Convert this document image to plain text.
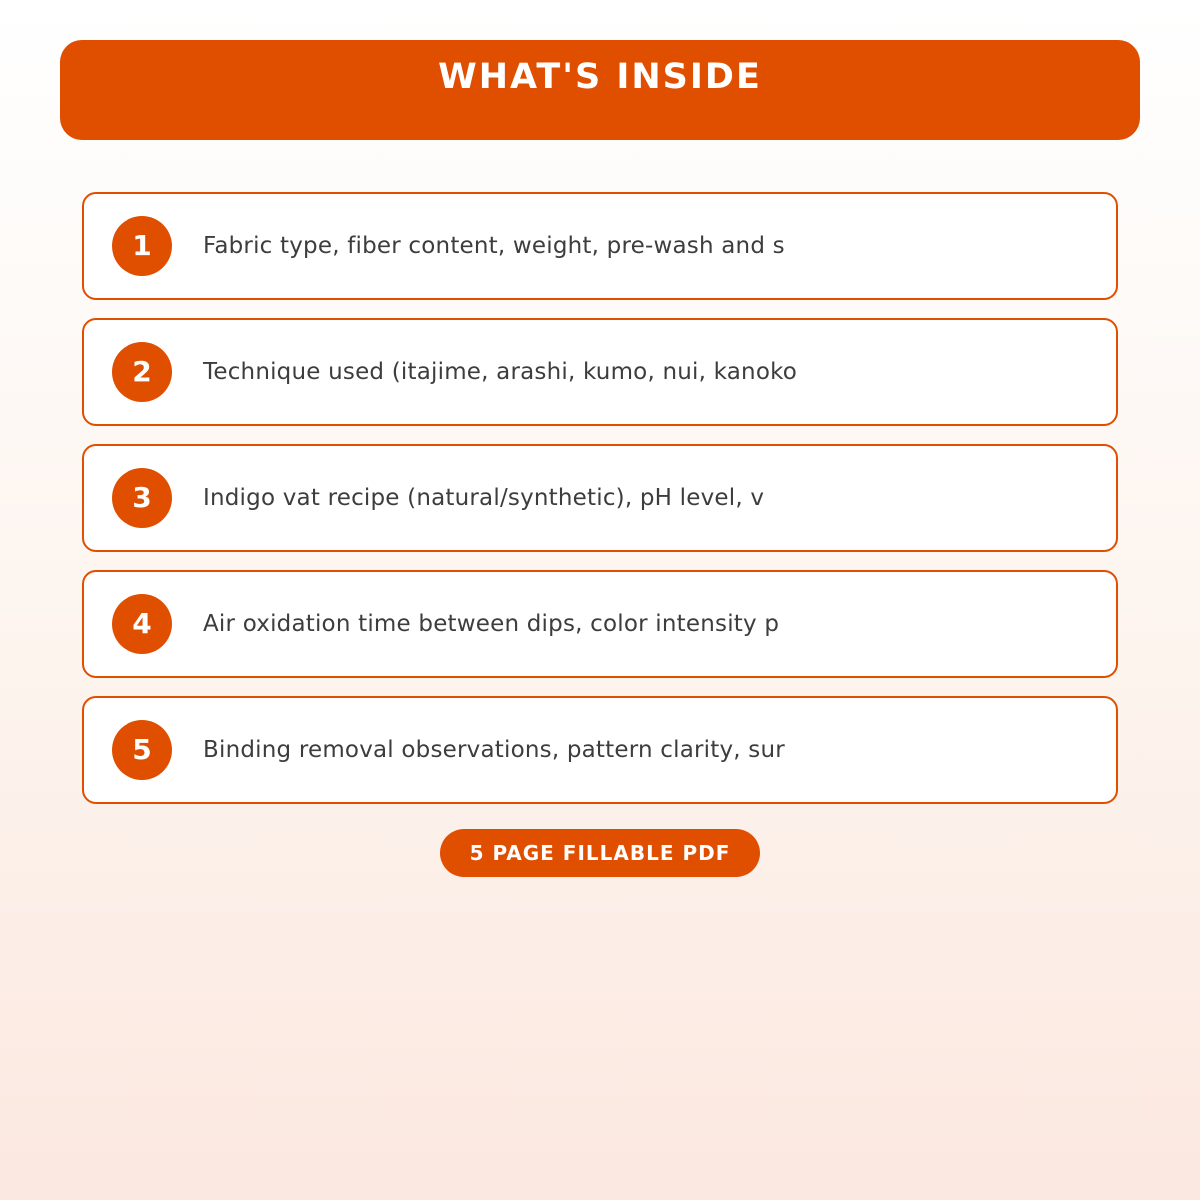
WHAT'S INSIDE
1	Fabric type, fiber content, weight, pre-wash and s
2	Technique used (itajime, arashi, kumo, nui, kanoko
3	Indigo vat recipe (natural/synthetic), pH level, v
4	Air oxidation time between dips, color intensity p
5	Binding removal observations, pattern clarity, sur
5 PAGE FILLABLE PDF
